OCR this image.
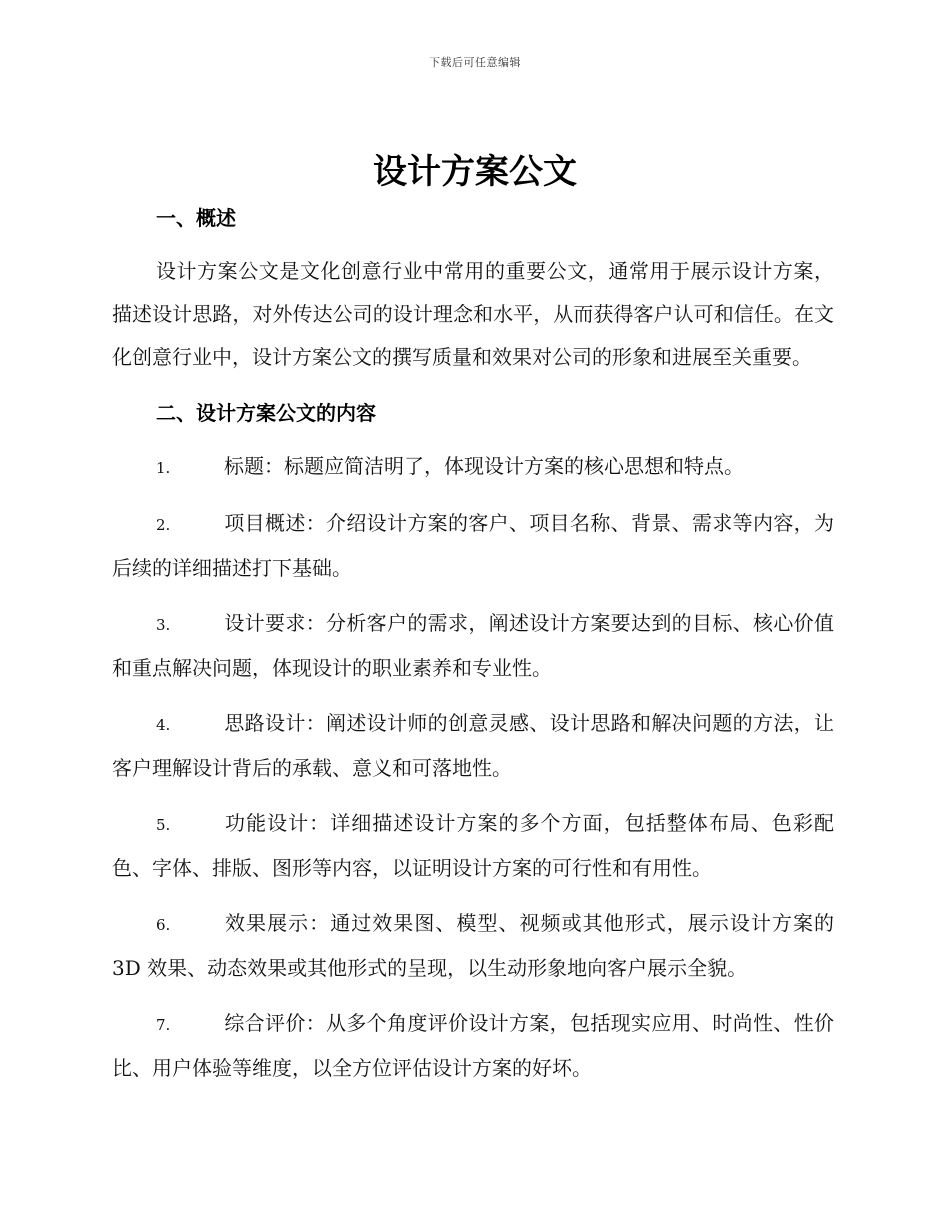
下载后可任意编辑
设计方案公文
一、概述

设计方案公文是文化创意行业中常用的重要公文，通常用于展示设计方案，描述设计思路，对外传达公司的设计理念和水平，从而获得客户认可和信任。在文化创意行业中，设计方案公文的撰写质量和效果对公司的形象和进展至关重要。

二、设计方案公文的内容

1.	标题：标题应简洁明了，体现设计方案的核心思想和特点。

2.	项目概述：介绍设计方案的客户、项目名称、背景、需求等内容，为后续的详细描述打下基础。

3.	设计要求：分析客户的需求，阐述设计方案要达到的目标、核心价值和重点解决问题，体现设计的职业素养和专业性。

4.	思路设计：阐述设计师的创意灵感、设计思路和解决问题的方法，让客户理解设计背后的承载、意义和可落地性。

5.	功能设计：详细描述设计方案的多个方面，包括整体布局、色彩配色、字体、排版、图形等内容，以证明设计方案的可行性和有用性。

6.	效果展示：通过效果图、模型、视频或其他形式，展示设计方案的 3D 效果、动态效果或其他形式的呈现，以生动形象地向客户展示全貌。

7.	综合评价：从多个角度评价设计方案，包括现实应用、时尚性、性价比、用户体验等维度，以全方位评估设计方案的好坏。
